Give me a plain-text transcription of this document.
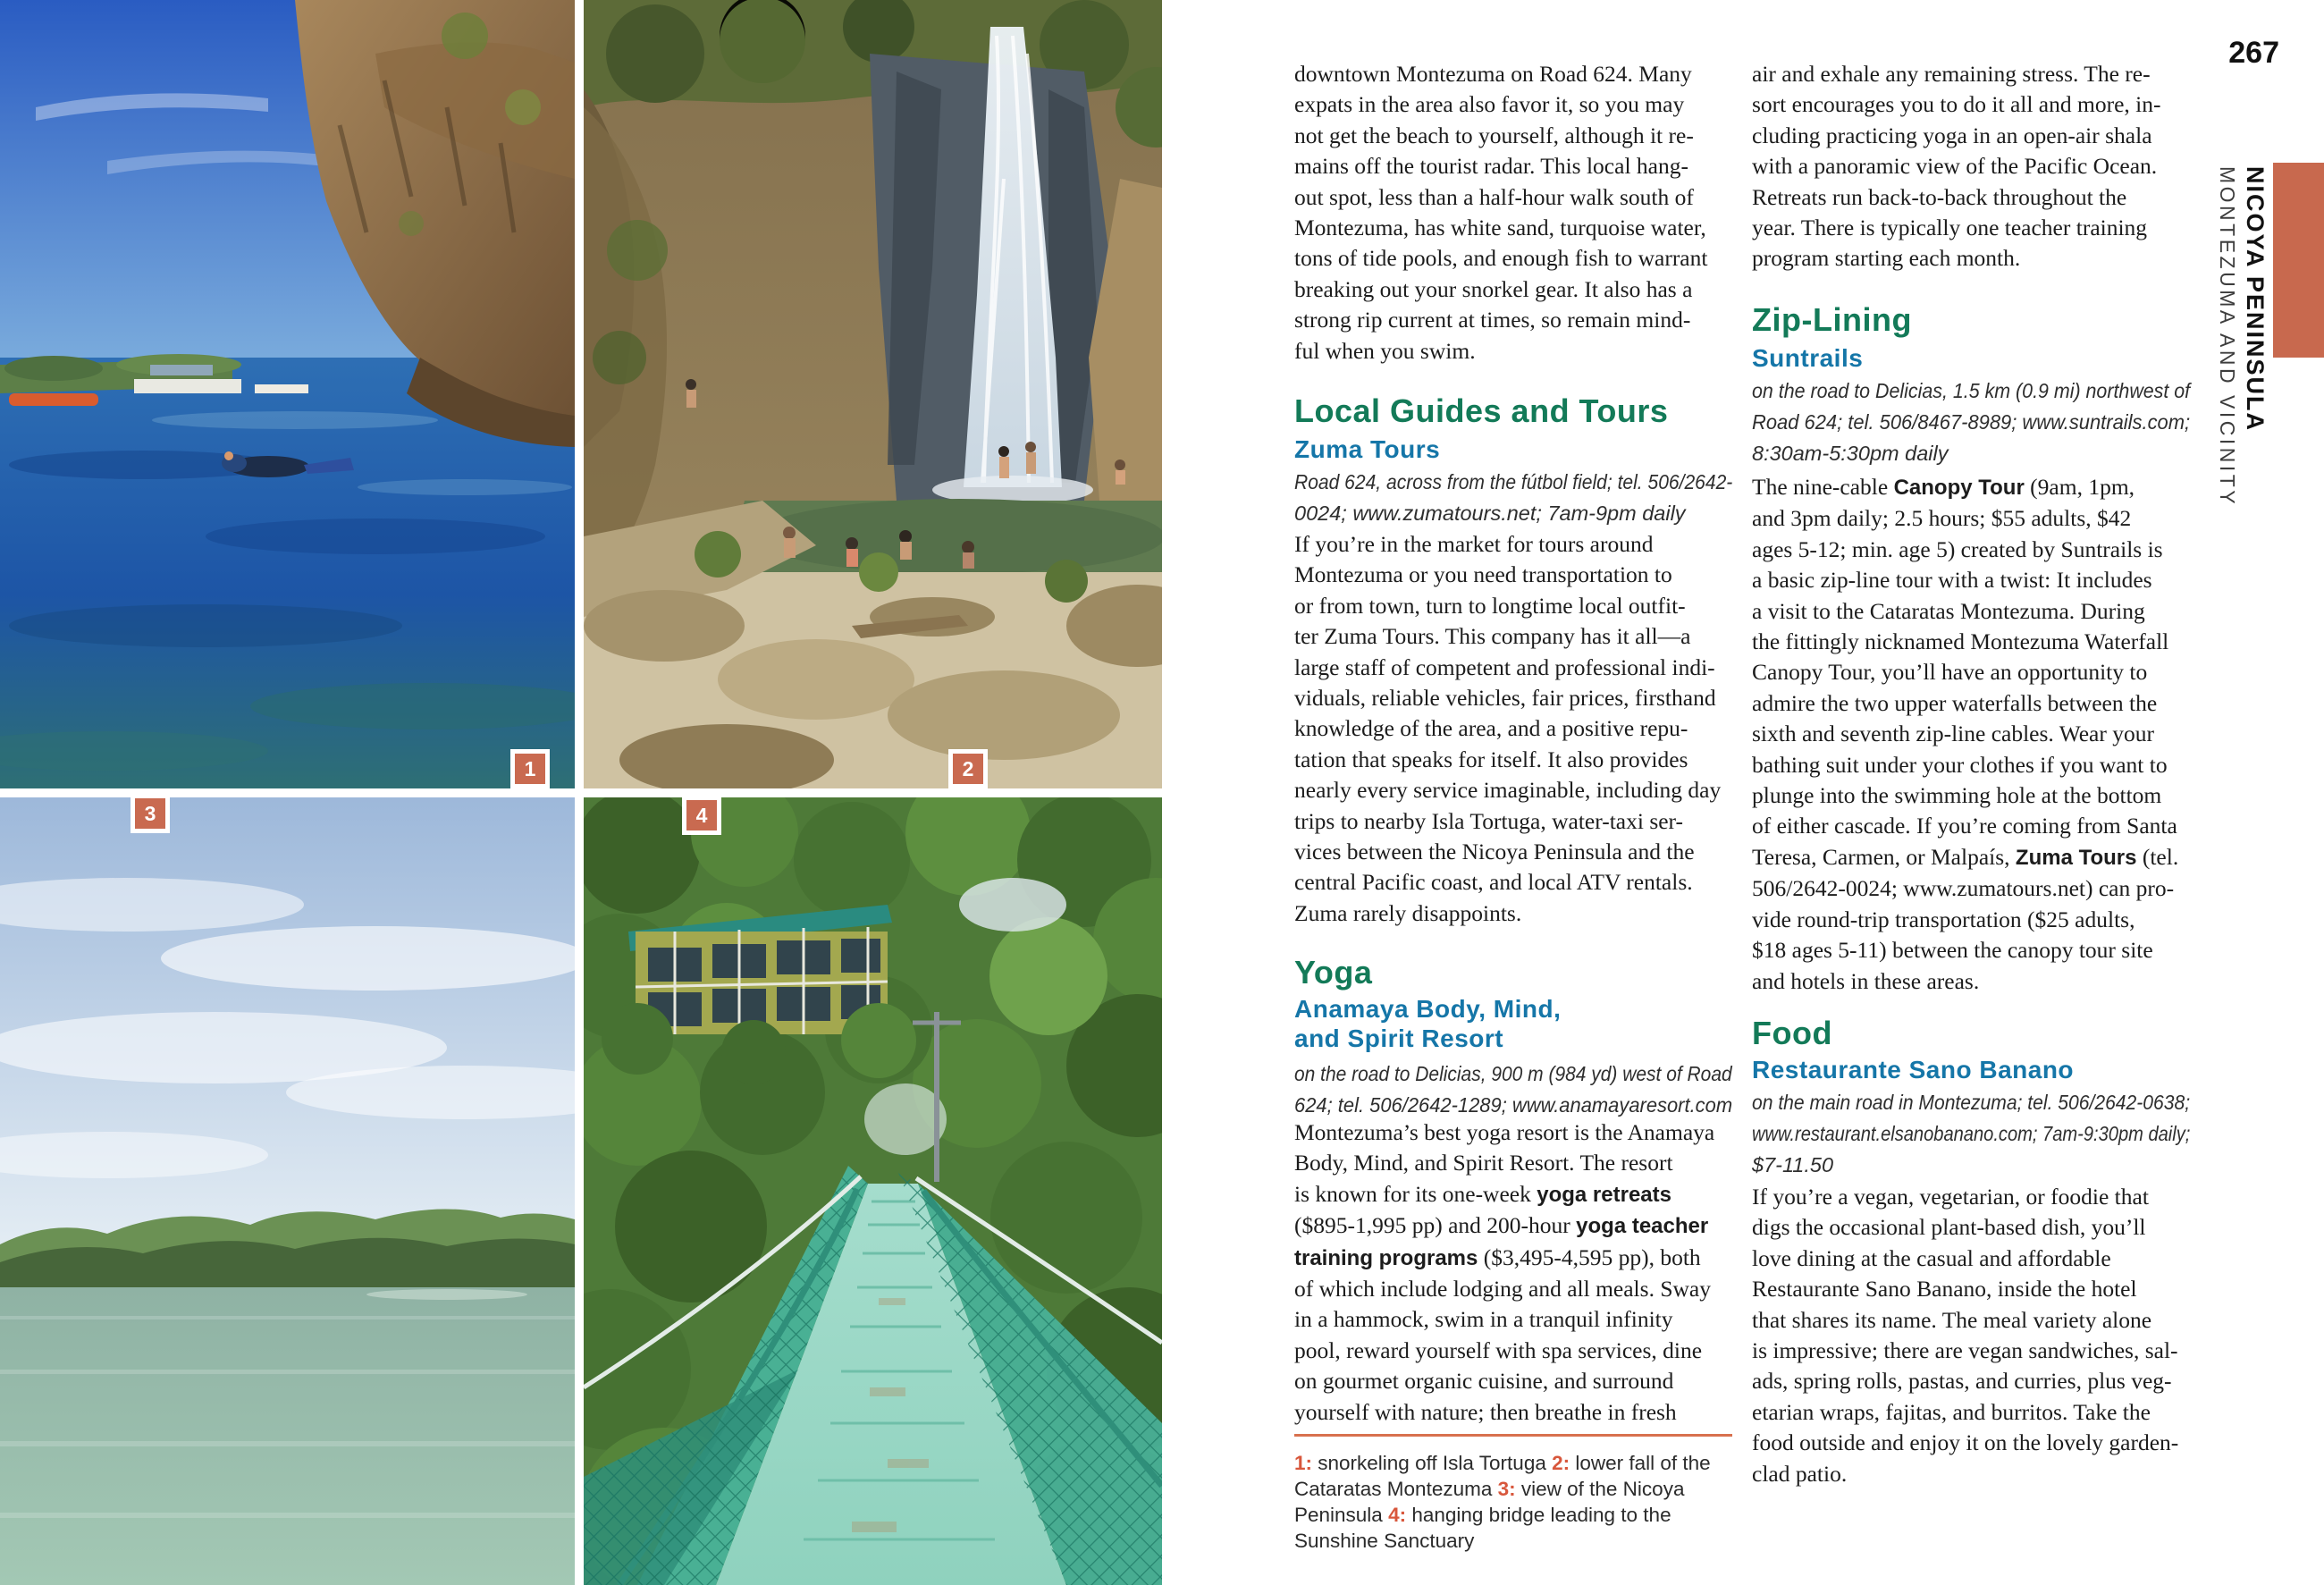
1	2
3	4
downtown Montezuma on Road 624. Many
expats in the area also favor it, so you may
not get the beach to yourself, although it re-
mains off the tourist radar. This local hang-
out spot, less than a half-hour walk south of
Montezuma, has white sand, turquoise water,
tons of tide pools, and enough fish to warrant
breaking out your snorkel gear. It also has a
strong rip current at times, so remain mind-
ful when you swim.
Local Guides and Tours
Zuma Tours
Road 624, across from the fútbol field; tel. 506/2642-
0024; www.zumatours.net; 7am-9pm daily
If you’re in the market for tours around
Montezuma or you need transportation to
or from town, turn to longtime local outfit-
ter Zuma Tours. This company has it all—a
large staff of competent and professional indi-
viduals, reliable vehicles, fair prices, firsthand
knowledge of the area, and a positive repu-
tation that speaks for itself. It also provides
nearly every service imaginable, including day
trips to nearby Isla Tortuga, water-taxi ser-
vices between the Nicoya Peninsula and the
central Pacific coast, and local ATV rentals.
Zuma rarely disappoints.
Yoga
Anamaya Body, Mind,
and Spirit Resort
on the road to Delicias, 900 m (984 yd) west of Road
624; tel. 506/2642-1289; www.anamayaresort.com
Montezuma’s best yoga resort is the Anamaya
Body, Mind, and Spirit Resort. The resort
is known for its one-week yoga retreats
($895-1,995 pp) and 200-hour yoga teacher
training programs ($3,495-4,595 pp), both
of which include lodging and all meals. Sway
in a hammock, swim in a tranquil infinity
pool, reward yourself with spa services, dine
on gourmet organic cuisine, and surround
yourself with nature; then breathe in fresh
1: snorkeling off Isla Tortuga 2: lower fall of the
Cataratas Montezuma 3: view of the Nicoya
Peninsula 4: hanging bridge leading to the
Sunshine Sanctuary
air and exhale any remaining stress. The re-
sort encourages you to do it all and more, in-
cluding practicing yoga in an open-air shala
with a panoramic view of the Pacific Ocean.
Retreats run back-to-back throughout the
year. There is typically one teacher training
program starting each month.
Zip-Lining
Suntrails
on the road to Delicias, 1.5 km (0.9 mi) northwest of
Road 624; tel. 506/8467-8989; www.suntrails.com;
8:30am-5:30pm daily
The nine-cable Canopy Tour (9am, 1pm,
and 3pm daily; 2.5 hours; $55 adults, $42
ages 5-12; min. age 5) created by Suntrails is
a basic zip-line tour with a twist: It includes
a visit to the Cataratas Montezuma. During
the fittingly nicknamed Montezuma Waterfall
Canopy Tour, you’ll have an opportunity to
admire the two upper waterfalls between the
sixth and seventh zip-line cables. Wear your
bathing suit under your clothes if you want to
plunge into the swimming hole at the bottom
of either cascade. If you’re coming from Santa
Teresa, Carmen, or Malpaís, Zuma Tours (tel.
506/2642-0024; www.zumatours.net) can pro-
vide round-trip transportation ($25 adults,
$18 ages 5-11) between the canopy tour site
and hotels in these areas.
Food
Restaurante Sano Banano
on the main road in Montezuma; tel. 506/2642-0638;
www.restaurant.elsanobanano.com; 7am-9:30pm daily;
$7-11.50
If you’re a vegan, vegetarian, or foodie that
digs the occasional plant-based dish, you’ll
love dining at the casual and affordable
Restaurante Sano Banano, inside the hotel
that shares its name. The meal variety alone
is impressive; there are vegan sandwiches, sal-
ads, spring rolls, pastas, and curries, plus veg-
etarian wraps, fajitas, and burritos. Take the
food outside and enjoy it on the lovely garden-
clad patio.
267
NICOYA PENINSULA
MONTEZUMA AND VICINITY
